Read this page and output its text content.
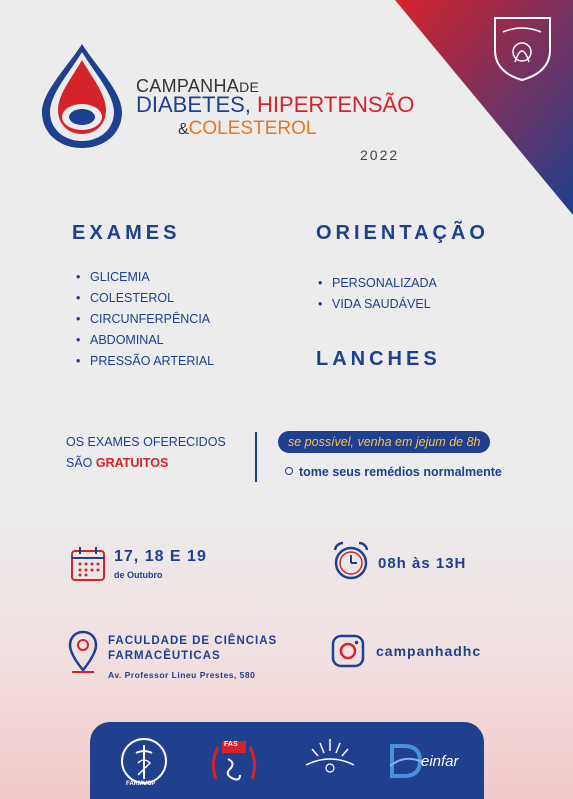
CAMPANHADE
DIABETES, HIPERTENSÃO
&COLESTEROL
2022
EXAMES
• GLICEMIA
• COLESTEROL
• CIRCUNFERPÊNCIA
• ABDOMINAL
• PRESSÃO ARTERIAL
ORIENTAÇÃO
• PERSONALIZADA
• VIDA SAUDÁVEL
LANCHES
OS EXAMES OFERECIDOS
SÃO GRATUITOS
se possível, venha em jejum de 8h
tome seus remédios normalmente
17, 18 E 19
de Outubro
08h às 13H
FACULDADE DE CIÊNCIAS
FARMACÊUTICAS
Av. Professor Lineu Prestes, 580
campanhadhc
FARMUSP
FAS
einfar
